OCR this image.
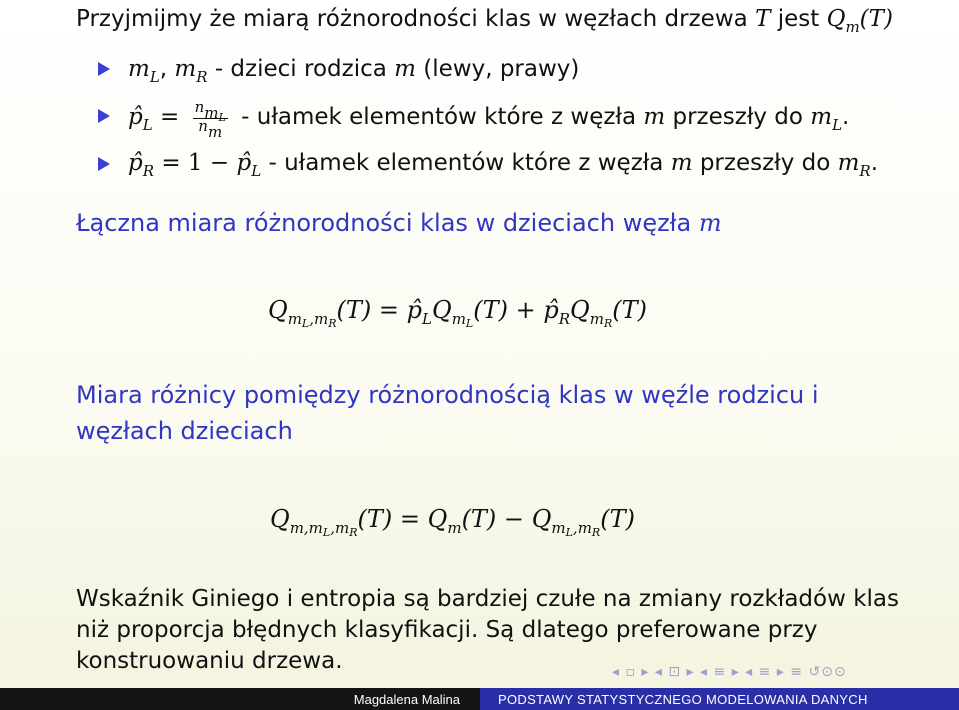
Przyjmijmy że miarą różnorodności klas w węzłach drzewa T jest $Q_m(T)$
$m_L$, $m_R$ - dzieci rodzica m (lewy, prawy)
$p̂_L = \frac{n_{m_L}}{n_m}$ - ułamek elementów które z węzła m przeszły do $m_L$.
$p̂_R = 1$ − $p̂_L$ - ułamek elementów które z węzła m przeszły do $m_R$.
Łączna miara różnorodności klas w dzieciach węzła m
$Q_{m_L,m_R}(T)$ = $p̂_LQ_{m_L}(T)$ + $p̂_RQ_{m_R}(T)$
Miara różnicy pomiędzy różnorodnością klas w węźle rodzicu i
węzłach dzieciach
$Q_{m,m_L,m_R}(T) = Q_m(T) - Q_{m_L,m_R}(T)$
Wskaźnik Giniego i entropia są bardziej czułe na zmiany rozkładów klas
niż proporcja błędnych klasyfikacji. Są dlatego preferowane przy
konstruowaniu drzewa.	◂ ▫ ▸ ◂ ⊡ ▸ ◂ ≡ ▸ ◂ ≡ ▸ ≡ ↺⊙⊙
Magdalena Malina	PODSTAWY STATYSTYCZNEGO MODELOWANIA DANYCH
